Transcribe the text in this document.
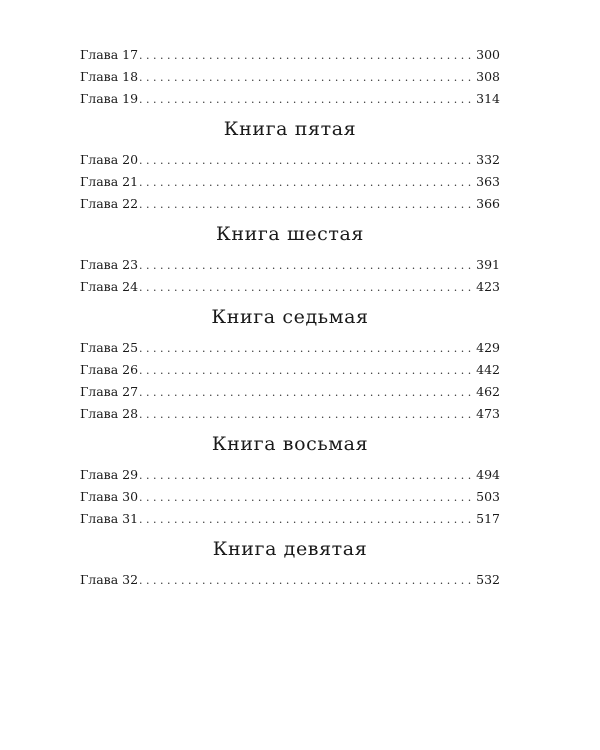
Глава 17 . . .	300
Глава 18 . . .	308
Глава 19 . . .	314
Книга пятая
Глава 20 . . .	332
Глава 21 . . .	363
Глава 22 . . .	366
Книга шестая
Глава 23 . . .	391
Глава 24 . . .	423
Книга седьмая
Глава 25 . . .	429
Глава 26 . . .	442
Глава 27 . . .	462
Глава 28 . . .	473
Книга восьмая
Глава 29 . . .	494
Глава 30 . . .	503
Глава 31 . . .	517
Книга девятая
Глава 32 . . .	532
